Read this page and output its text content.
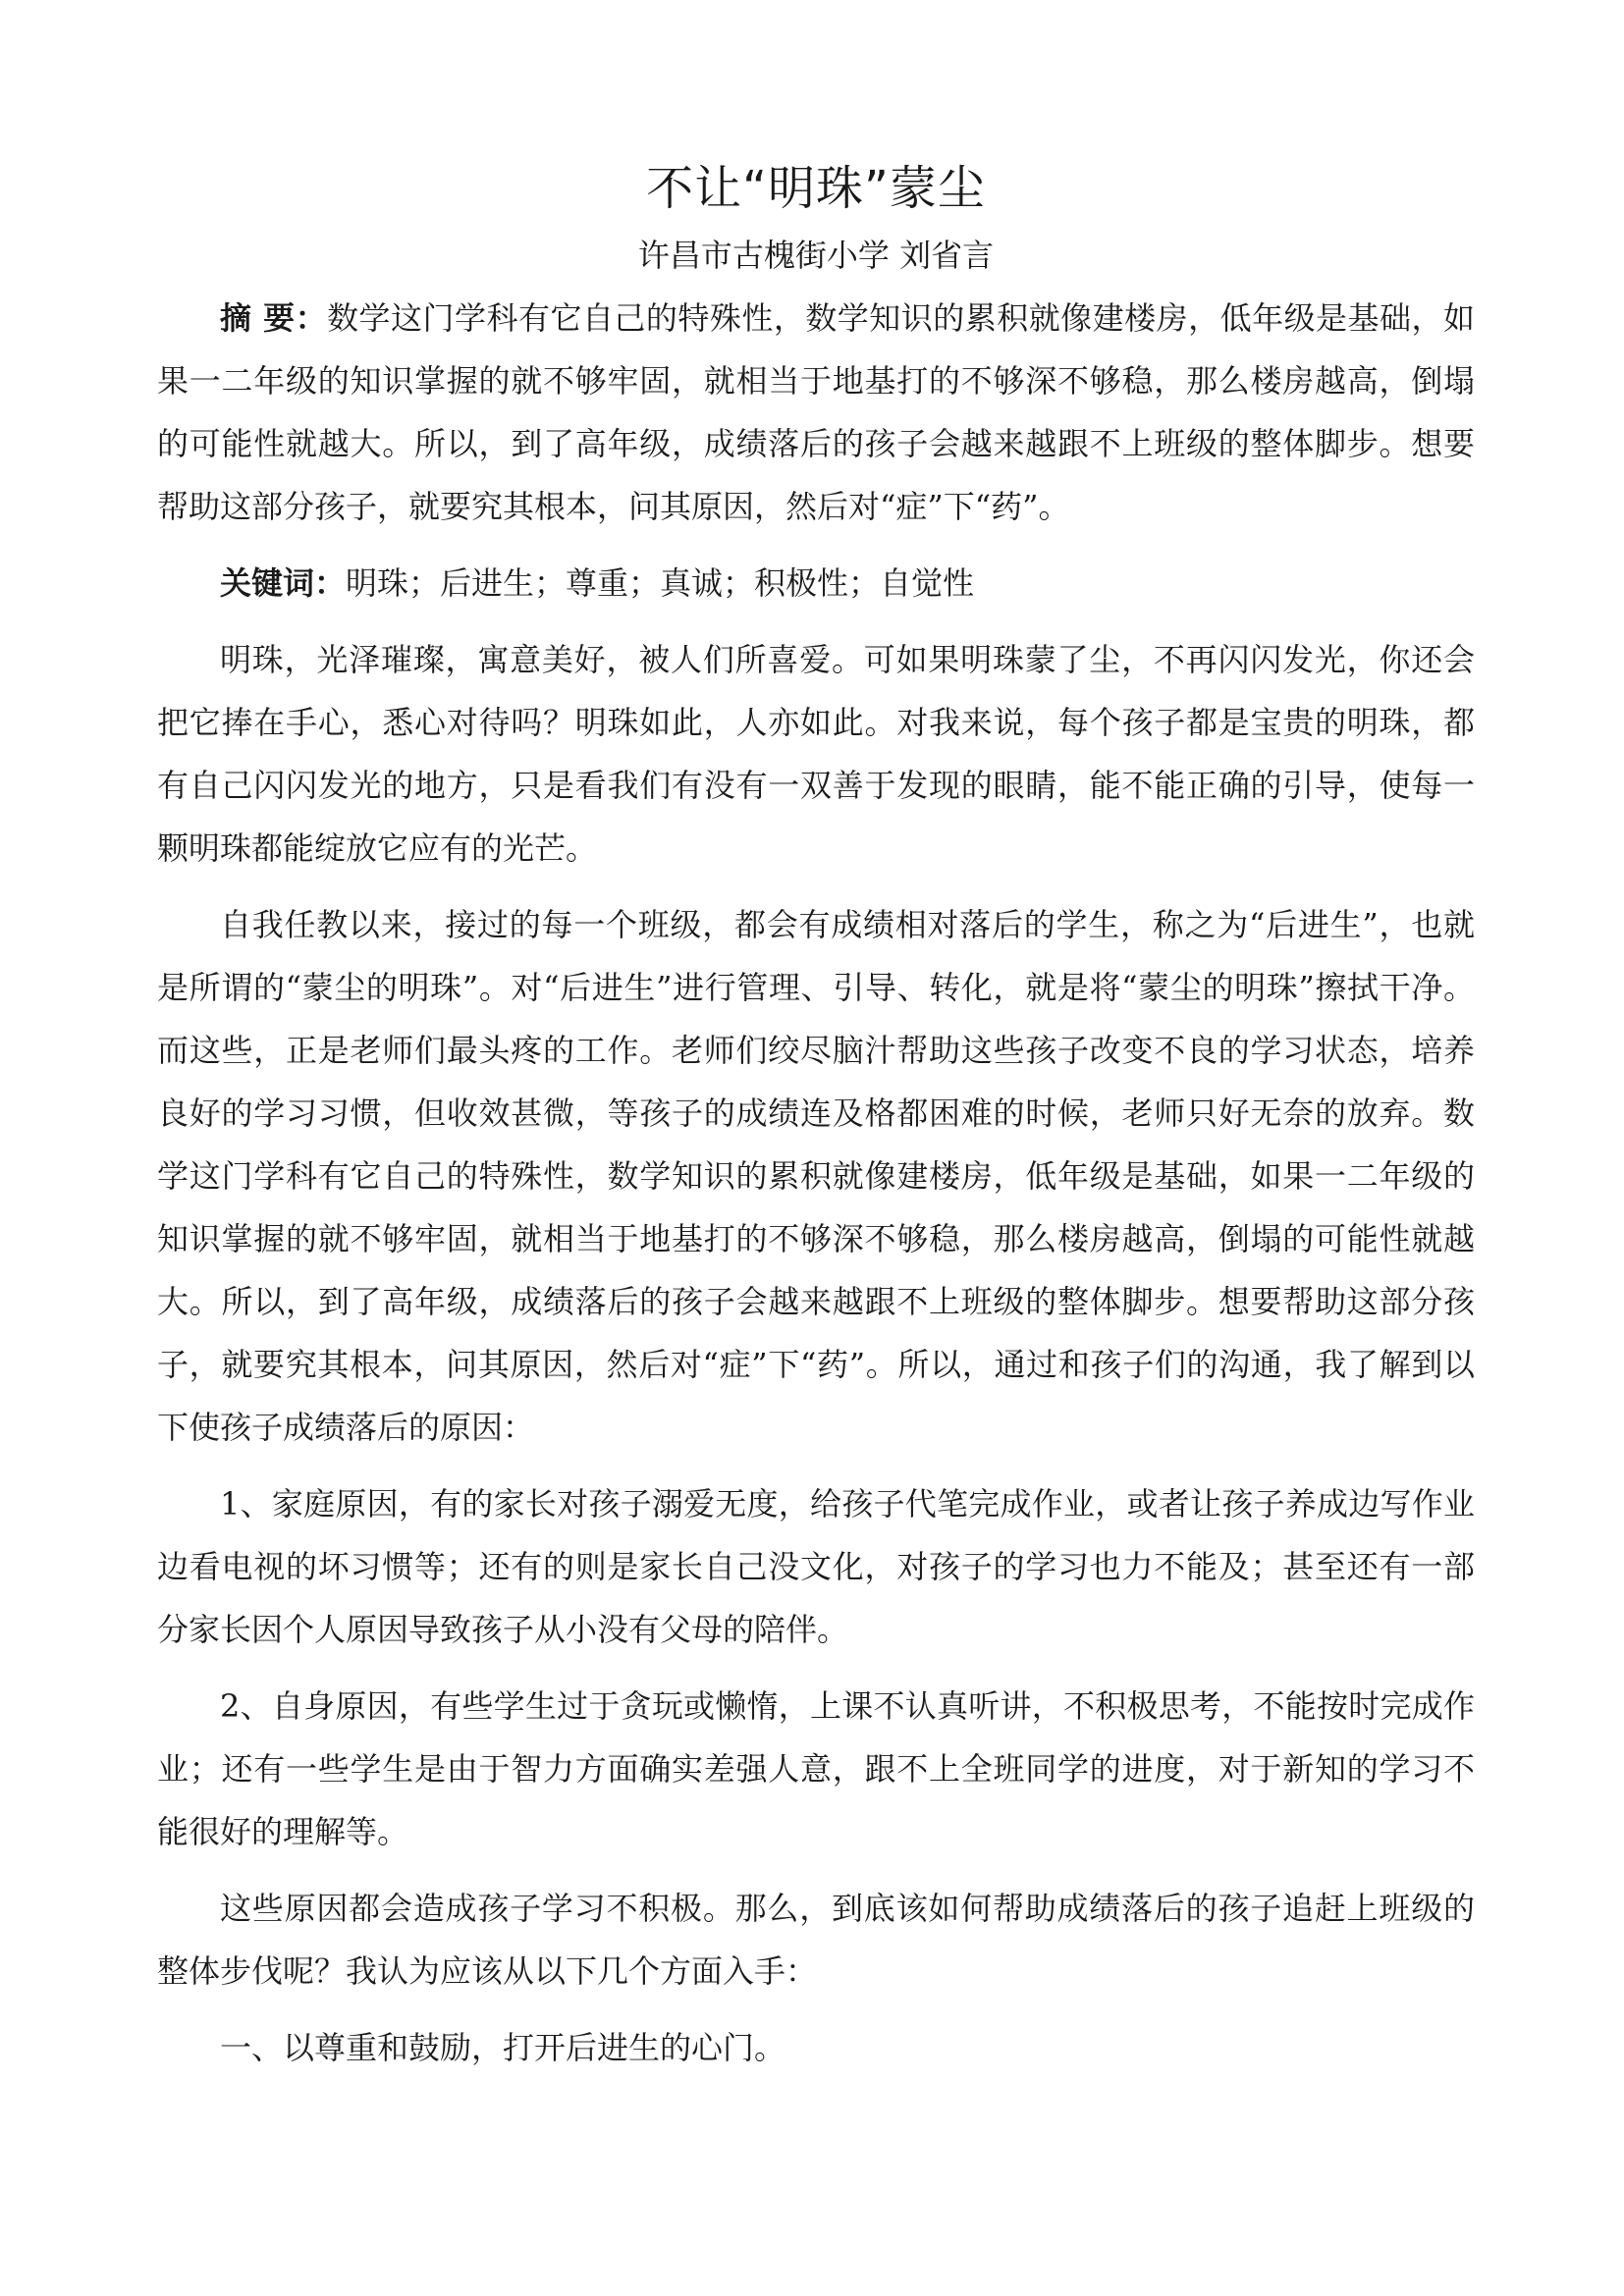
不让“明珠”蒙尘
许昌市古槐街小学 刘省言

摘 要：数学这门学科有它自己的特殊性，数学知识的累积就像建楼房，低年级是基础，如果一二年级的知识掌握的就不够牢固，就相当于地基打的不够深不够稳，那么楼房越高，倒塌的可能性就越大。所以，到了高年级，成绩落后的孩子会越来越跟不上班级的整体脚步。想要帮助这部分孩子，就要究其根本，问其原因，然后对“症”下“药”。

关键词：明珠；后进生；尊重；真诚；积极性；自觉性

明珠，光泽璀璨，寓意美好，被人们所喜爱。可如果明珠蒙了尘，不再闪闪发光，你还会把它捧在手心，悉心对待吗？明珠如此，人亦如此。对我来说，每个孩子都是宝贵的明珠，都有自己闪闪发光的地方，只是看我们有没有一双善于发现的眼睛，能不能正确的引导，使每一颗明珠都能绽放它应有的光芒。

自我任教以来，接过的每一个班级，都会有成绩相对落后的学生，称之为“后进生”，也就是所谓的“蒙尘的明珠”。对“后进生”进行管理、引导、转化，就是将“蒙尘的明珠”擦拭干净。而这些，正是老师们最头疼的工作。老师们绞尽脑汁帮助这些孩子改变不良的学习状态，培养良好的学习习惯，但收效甚微，等孩子的成绩连及格都困难的时候，老师只好无奈的放弃。数学这门学科有它自己的特殊性，数学知识的累积就像建楼房，低年级是基础，如果一二年级的知识掌握的就不够牢固，就相当于地基打的不够深不够稳，那么楼房越高，倒塌的可能性就越大。所以，到了高年级，成绩落后的孩子会越来越跟不上班级的整体脚步。想要帮助这部分孩子，就要究其根本，问其原因，然后对“症”下“药”。所以，通过和孩子们的沟通，我了解到以下使孩子成绩落后的原因：

1、家庭原因，有的家长对孩子溺爱无度，给孩子代笔完成作业，或者让孩子养成边写作业边看电视的坏习惯等；还有的则是家长自己没文化，对孩子的学习也力不能及；甚至还有一部分家长因个人原因导致孩子从小没有父母的陪伴。

2、自身原因，有些学生过于贪玩或懒惰，上课不认真听讲，不积极思考，不能按时完成作业；还有一些学生是由于智力方面确实差强人意，跟不上全班同学的进度，对于新知的学习不能很好的理解等。

这些原因都会造成孩子学习不积极。那么，到底该如何帮助成绩落后的孩子追赶上班级的整体步伐呢？我认为应该从以下几个方面入手：

一、以尊重和鼓励，打开后进生的心门。
